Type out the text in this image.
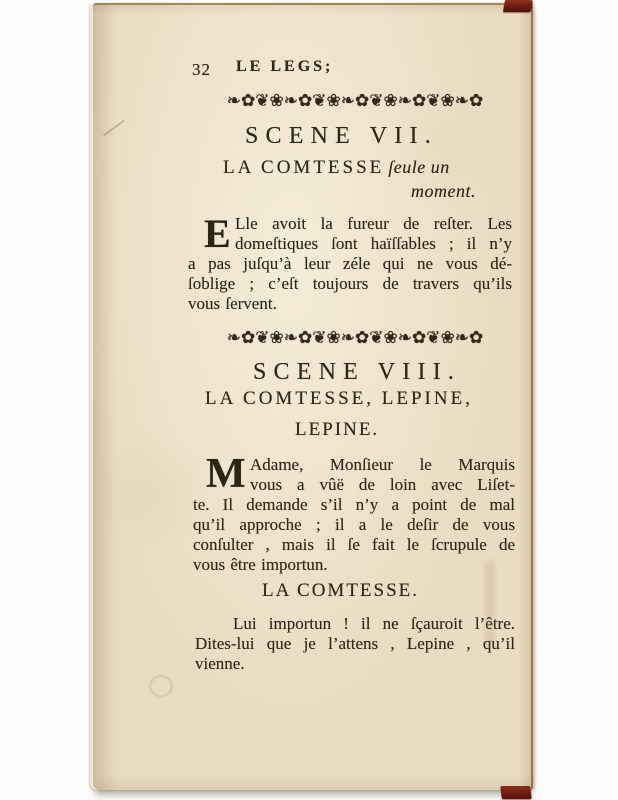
32 LE LEGS;
❧✿❦❀❧✿❦❀❧✿❦❀❧✿❦❀❧✿
SCENE VII.
LA COMTESSE ſeule un
moment.
E Lle avoit la fureur de reſter. Les
domeſtiques ſont haïſſables ; il n’y
a pas juſqu’à leur zéle qui ne vous dé-
ſoblige ; c’eſt toujours de travers qu’ils
vous ſervent.
❧✿❦❀❧✿❦❀❧✿❦❀❧✿❦❀❧✿
SCENE VIII.
LA COMTESSE, LEPINE,
LEPINE.
M Adame, Monſieur le Marquis
vous a vûë de loin avec Liſet-
te. Il demande s’il n’y a point de mal
qu’il approche ; il a le deſir de vous
conſulter , mais il ſe fait le ſcrupule de
vous être importun.
LA COMTESSE.
Lui importun ! il ne ſçauroit l’être.
Dites-lui que je l’attens , Lepine , qu’il
vienne.
